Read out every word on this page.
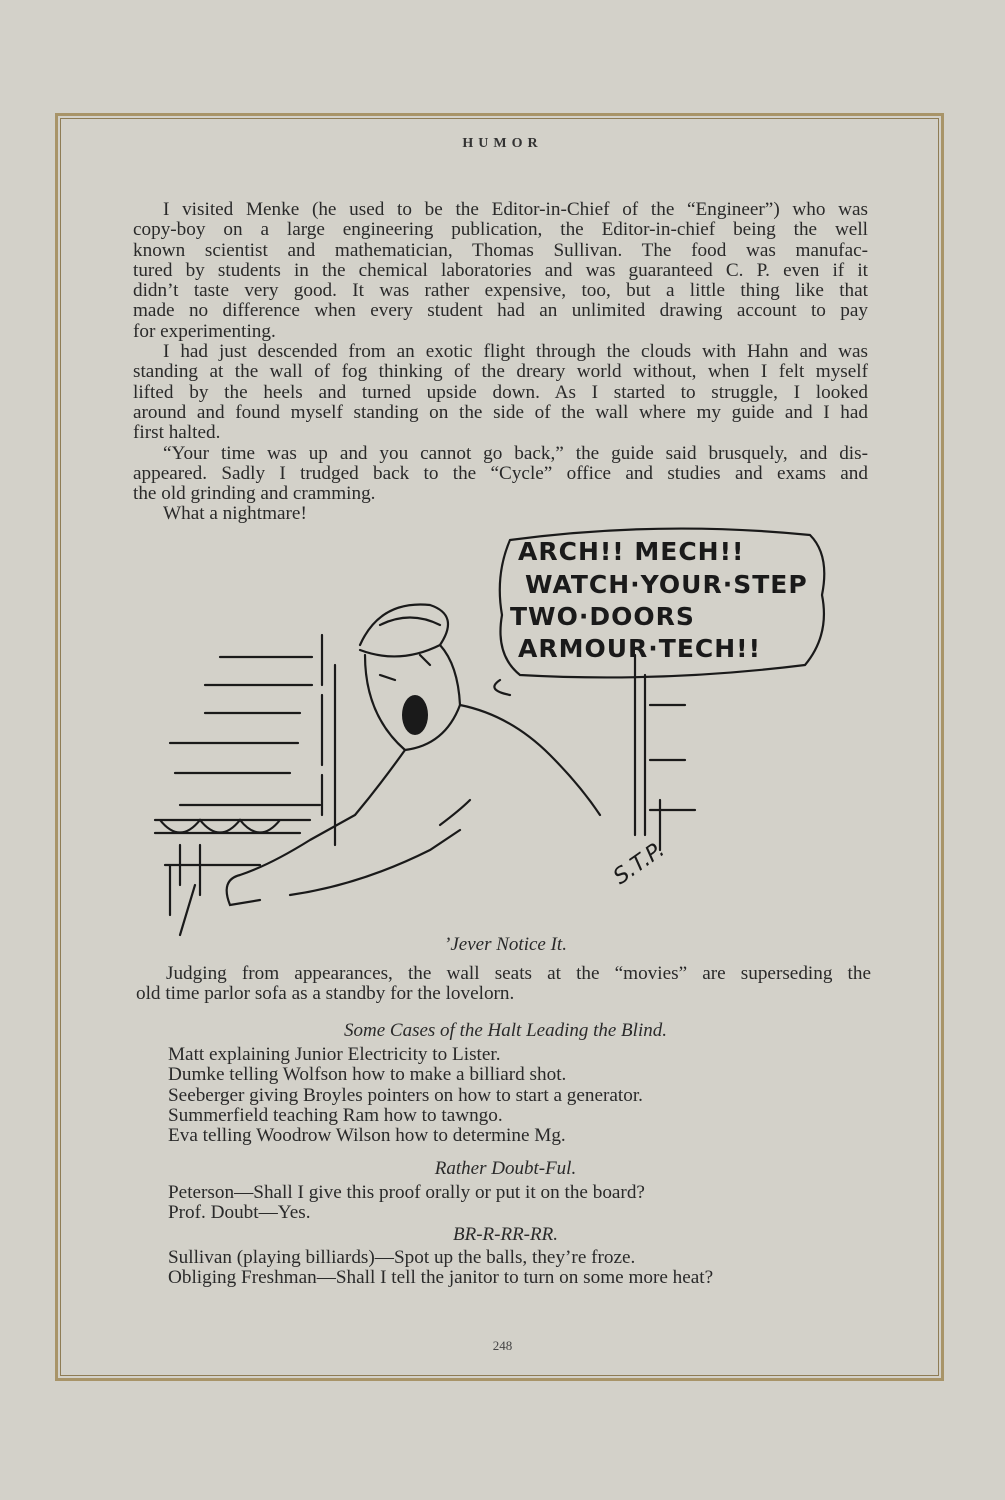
HUMOR
I visited Menke (he used to be the Editor-in-Chief of the “Engineer”) who was
copy-boy on a large engineering publication, the Editor-in-chief being the well
known scientist and mathematician, Thomas Sullivan. The food was manufac-
tured by students in the chemical laboratories and was guaranteed C. P. even if it
didn’t taste very good. It was rather expensive, too, but a little thing like that
made no difference when every student had an unlimited drawing account to pay
for experimenting.
I had just descended from an exotic flight through the clouds with Hahn and was
standing at the wall of fog thinking of the dreary world without, when I felt myself
lifted by the heels and turned upside down. As I started to struggle, I looked
around and found myself standing on the side of the wall where my guide and I had
first halted.
“Your time was up and you cannot go back,” the guide said brusquely, and dis-
appeared. Sadly I trudged back to the “Cycle” office and studies and exams and
the old grinding and cramming.
What a nightmare!
ARCH!! MECH!!
WATCH·YOUR·STEP
TWO·DOORS
ARMOUR·TECH!!
S.T.P.
’Jever Notice It.
Judging from appearances, the wall seats at the “movies” are superseding the
old time parlor sofa as a standby for the lovelorn.
Some Cases of the Halt Leading the Blind.
Matt explaining Junior Electricity to Lister.
Dumke telling Wolfson how to make a billiard shot.
Seeberger giving Broyles pointers on how to start a generator.
Summerfield teaching Ram how to tawngo.
Eva telling Woodrow Wilson how to determine Mg.
Rather Doubt-Ful.
Peterson—Shall I give this proof orally or put it on the board?
Prof. Doubt—Yes.
BR-R-RR-RR.
Sullivan (playing billiards)—Spot up the balls, they’re froze.
Obliging Freshman—Shall I tell the janitor to turn on some more heat?
248
